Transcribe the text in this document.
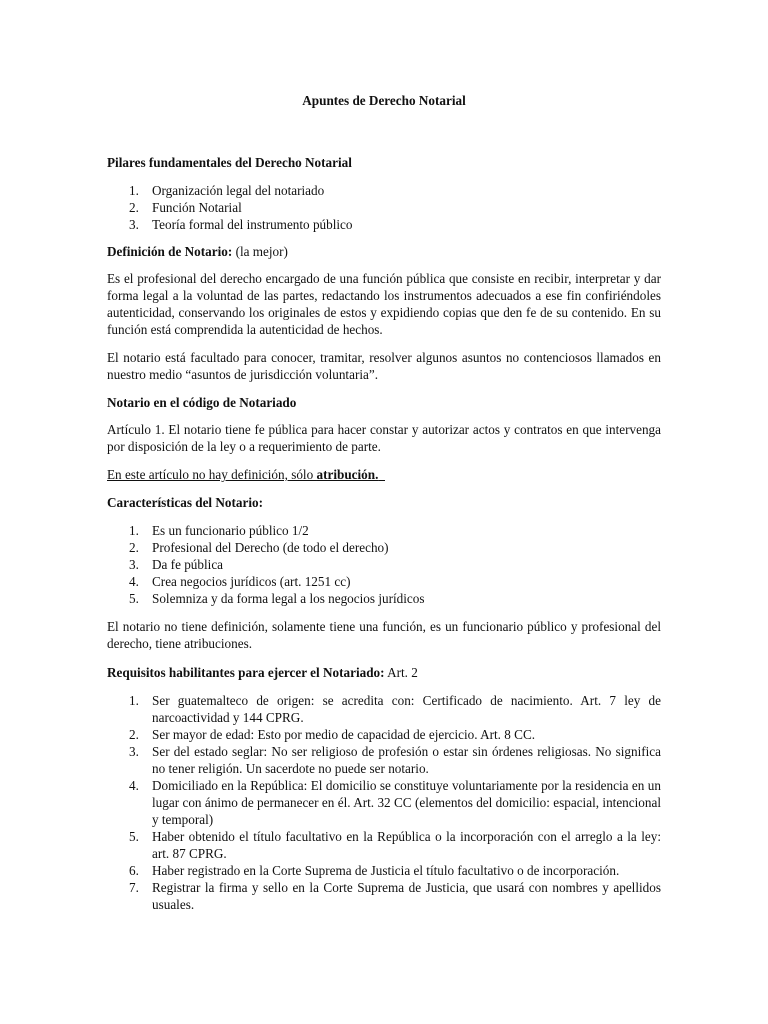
Apuntes de Derecho Notarial
Pilares fundamentales del Derecho Notarial
1. Organización legal del notariado
2. Función Notarial
3. Teoría formal del instrumento público
Definición de Notario: (la mejor)

Es el profesional del derecho encargado de una función pública que consiste en recibir, interpretar y dar forma legal a la voluntad de las partes, redactando los instrumentos adecuados a ese fin confiriéndoles autenticidad, conservando los originales de estos y expidiendo copias que den fe de su contenido. En su función está comprendida la autenticidad de hechos.

El notario está facultado para conocer, tramitar, resolver algunos asuntos no contenciosos llamados en nuestro medio “asuntos de jurisdicción voluntaria”.

Notario en el código de Notariado

Artículo 1. El notario tiene fe pública para hacer constar y autorizar actos y contratos en que intervenga por disposición de la ley o a requerimiento de parte.

En este artículo no hay definición, sólo atribución.

Características del Notario:
1. Es un funcionario público 1/2
2. Profesional del Derecho (de todo el derecho)
3. Da fe pública
4. Crea negocios jurídicos (art. 1251 cc)
5. Solemniza y da forma legal a los negocios jurídicos

El notario no tiene definición, solamente tiene una función, es un funcionario público y profesional del derecho, tiene atribuciones.

Requisitos habilitantes para ejercer el Notariado: Art. 2
1. Ser guatemalteco de origen: se acredita con: Certificado de nacimiento. Art. 7 ley de narcoactividad y 144 CPRG.
2. Ser mayor de edad: Esto por medio de capacidad de ejercicio. Art. 8 CC.
3. Ser del estado seglar: No ser religioso de profesión o estar sin órdenes religiosas. No significa no tener religión. Un sacerdote no puede ser notario.
4. Domiciliado en la República: El domicilio se constituye voluntariamente por la residencia en un lugar con ánimo de permanecer en él. Art. 32 CC (elementos del domicilio: espacial, intencional y temporal)
5. Haber obtenido el título facultativo en la República o la incorporación con el arreglo a la ley: art. 87 CPRG.
6. Haber registrado en la Corte Suprema de Justicia el título facultativo o de incorporación.
7. Registrar la firma y sello en la Corte Suprema de Justicia, que usará con nombres y apellidos usuales.
